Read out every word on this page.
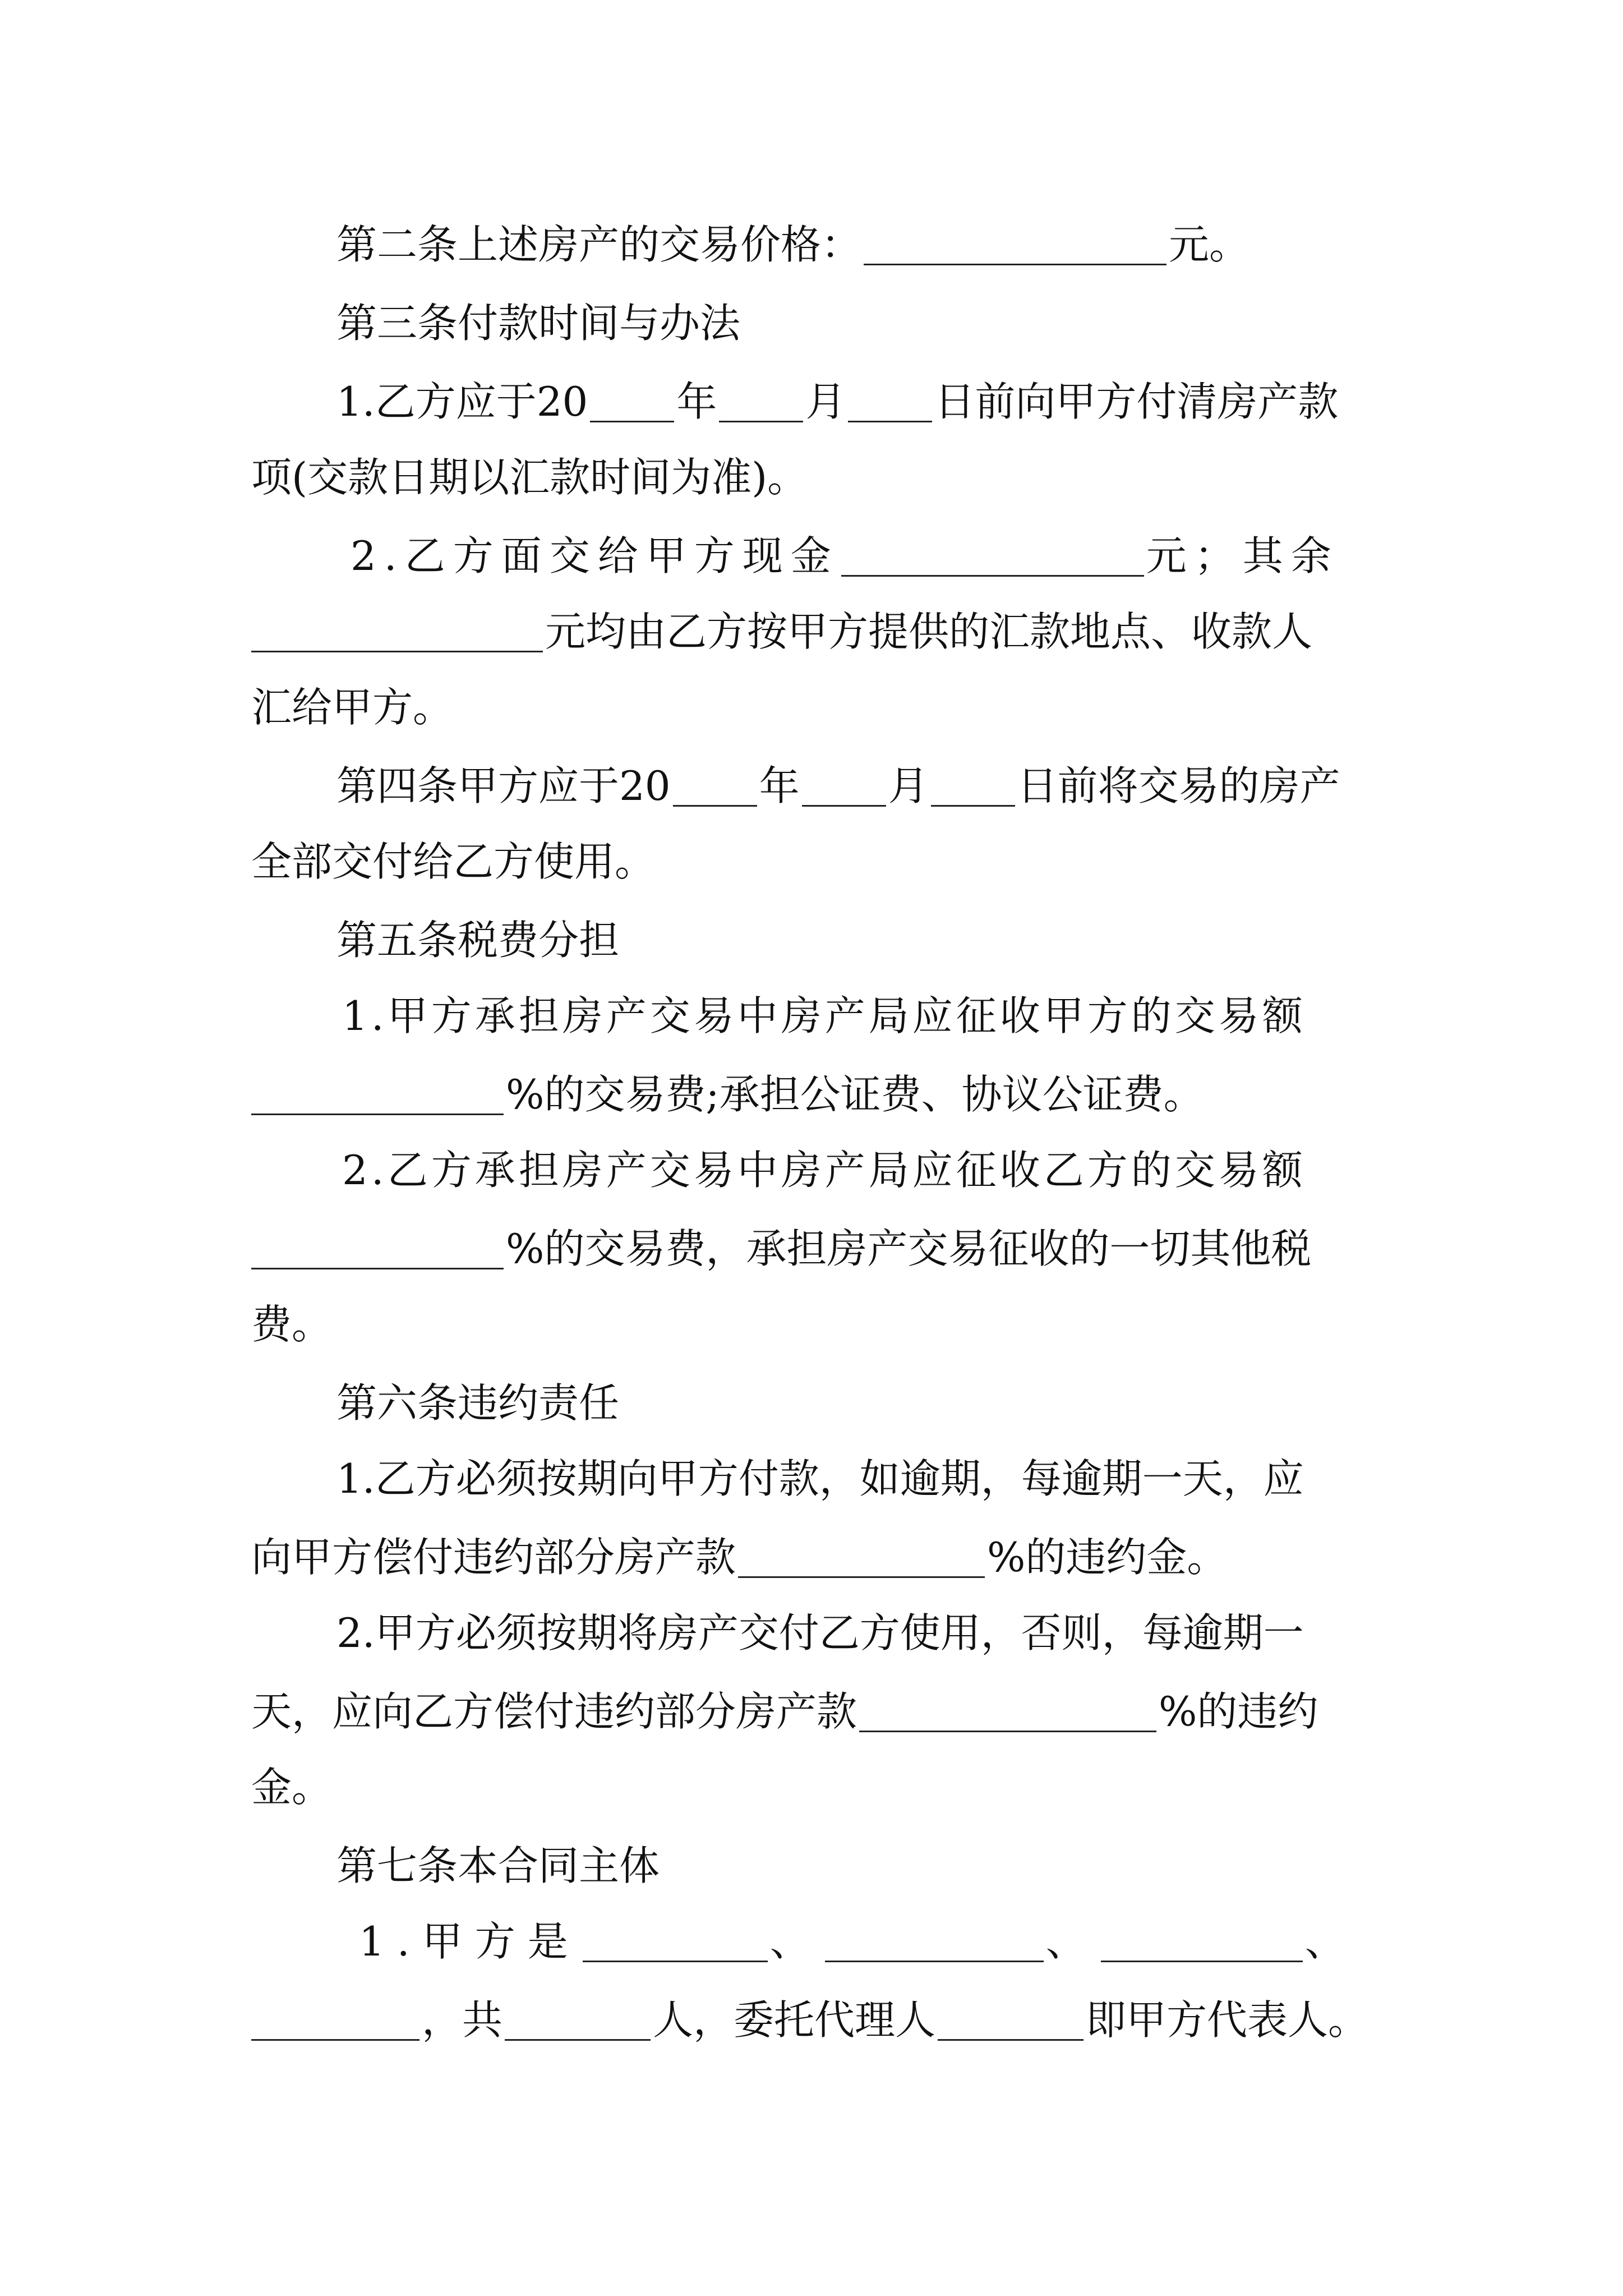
第二条上述房产的交易价格：	元。
第三条付款时间与办法
1.乙方应于20 年 月 日前向甲方付清房产款
项(交款日期以汇款时间为准)。
2.乙方面交给甲方现金	元；其余
元均由乙方按甲方提供的汇款地点、收款人
汇给甲方。
第四条甲方应于20 年 月 日前将交易的房产
全部交付给乙方使用。
第五条税费分担
1.甲方承担房产交易中房产局应征收甲方的交易额
%的交易费;承担公证费、协议公证费。
2.乙方承担房产交易中房产局应征收乙方的交易额
%的交易费，承担房产交易征收的一切其他税
费。
第六条违约责任
1.乙方必须按期向甲方付款，如逾期，每逾期一天，应
向甲方偿付违约部分房产款	%的违约金。
2.甲方必须按期将房产交付乙方使用，否则，每逾期一
天，应向乙方偿付违约部分房产款	%的违约
金。
第七条本合同主体
1.甲方是	、	、	、
，共	人，委托代理人	即甲方代表人。
